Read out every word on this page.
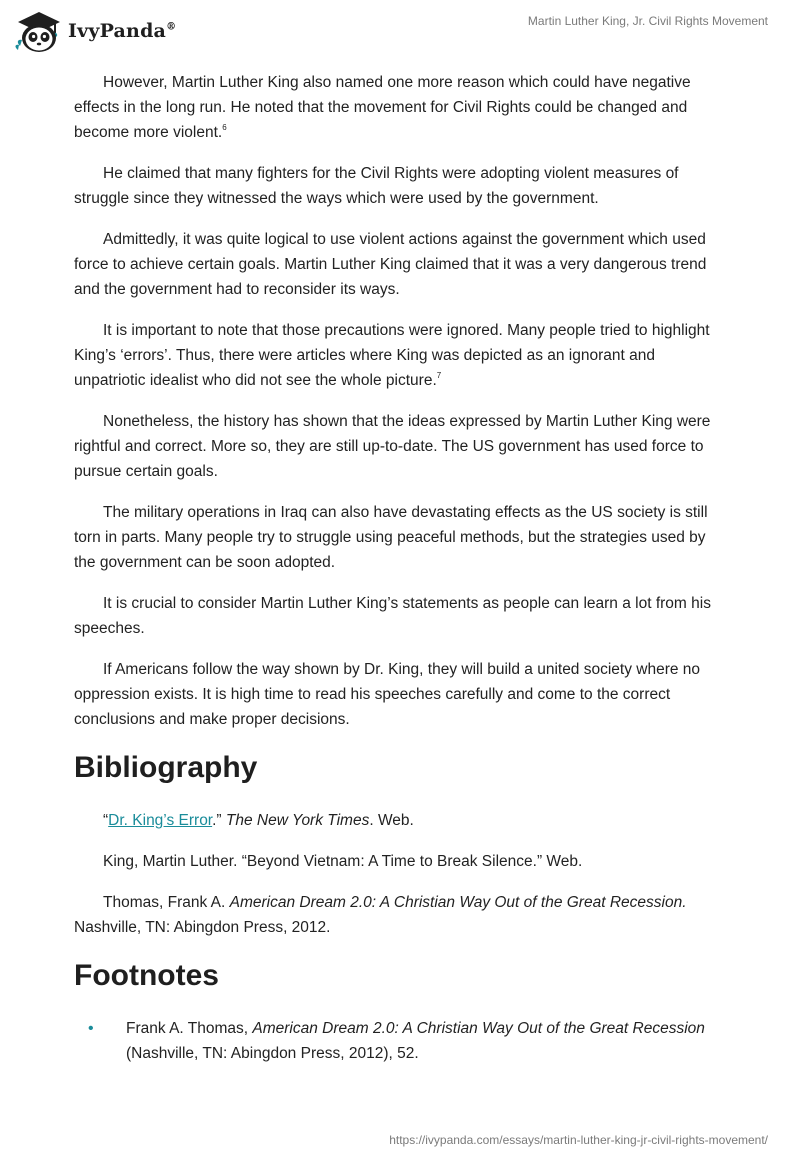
IvyPanda®	Martin Luther King, Jr. Civil Rights Movement

However, Martin Luther King also named one more reason which could have negative effects in the long run. He noted that the movement for Civil Rights could be changed and become more violent.$^6$

He claimed that many fighters for the Civil Rights were adopting violent measures of struggle since they witnessed the ways which were used by the government.

Admittedly, it was quite logical to use violent actions against the government which used force to achieve certain goals. Martin Luther King claimed that it was a very dangerous trend and the government had to reconsider its ways.

It is important to note that those precautions were ignored. Many people tried to highlight King’s ‘errors’. Thus, there were articles where King was depicted as an ignorant and unpatriotic idealist who did not see the whole picture.$^7$

Nonetheless, the history has shown that the ideas expressed by Martin Luther King were rightful and correct. More so, they are still up-to-date. The US government has used force to pursue certain goals.

The military operations in Iraq can also have devastating effects as the US society is still torn in parts. Many people try to struggle using peaceful methods, but the strategies used by the government can be soon adopted.

It is crucial to consider Martin Luther King’s statements as people can learn a lot from his speeches.

If Americans follow the way shown by Dr. King, they will build a united society where no oppression exists. It is high time to read his speeches carefully and come to the correct conclusions and make proper decisions.

Bibliography

“Dr. King’s Error.” The New York Times. Web.

King, Martin Luther. “Beyond Vietnam: A Time to Break Silence.” Web.

Thomas, Frank A. American Dream 2.0: A Christian Way Out of the Great Recession. Nashville, TN: Abingdon Press, 2012.

Footnotes
• Frank A. Thomas, American Dream 2.0: A Christian Way Out of the Great Recession (Nashville, TN: Abingdon Press, 2012), 52.
https://ivypanda.com/essays/martin-luther-king-jr-civil-rights-movement/
